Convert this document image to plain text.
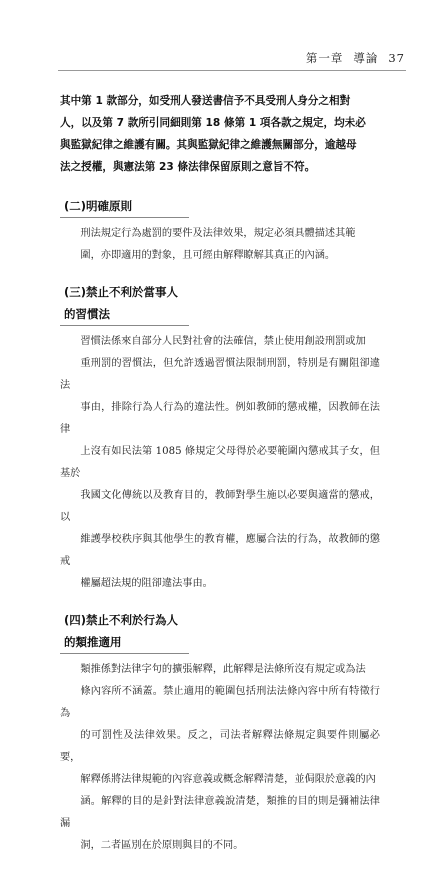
第一章 導論 37

其中第 1 款部分，如受刑人發送書信予不具受刑人身分之相對
人，以及第 7 款所引同細則第 18 條第 1 項各款之規定，均未必
與監獄紀律之維護有關。其與監獄紀律之維護無關部分，逾越母
法之授權，與憲法第 23 條法律保留原則之意旨不符。

(二)明確原則

刑法規定行為處罰的要件及法律效果，規定必須具體描述其範
圍，亦即適用的對象，且可經由解釋瞭解其真正的內涵。

(三)禁止不利於當事人的習慣法

習慣法係來自部分人民對社會的法確信，禁止使用創設刑罰或加
重刑罰的習慣法，但允許透過習慣法限制刑罰，特別是有關阻卻違法
事由，排除行為人行為的違法性。例如教師的懲戒權，因教師在法律
上沒有如民法第 1085 條規定父母得於必要範圍內懲戒其子女，但基於
我國文化傳統以及教育目的，教師對學生施以必要與適當的懲戒，以
維護學校秩序與其他學生的教育權，應屬合法的行為，故教師的懲戒
權屬超法規的阻卻違法事由。

(四)禁止不利於行為人的類推適用

類推係對法律字句的擴張解釋，此解釋是法條所沒有規定或為法
條內容所不涵蓋。禁止適用的範圍包括刑法法條內容中所有特徵行為
的可罰性及法律效果。反之，司法者解釋法條規定與要件則屬必要，
解釋係將法律規範的內容意義或概念解釋清楚，並侷限於意義的內
涵。解釋的目的是針對法律意義說清楚，類推的目的則是彌補法律漏
洞，二者區別在於原則與目的不同。
